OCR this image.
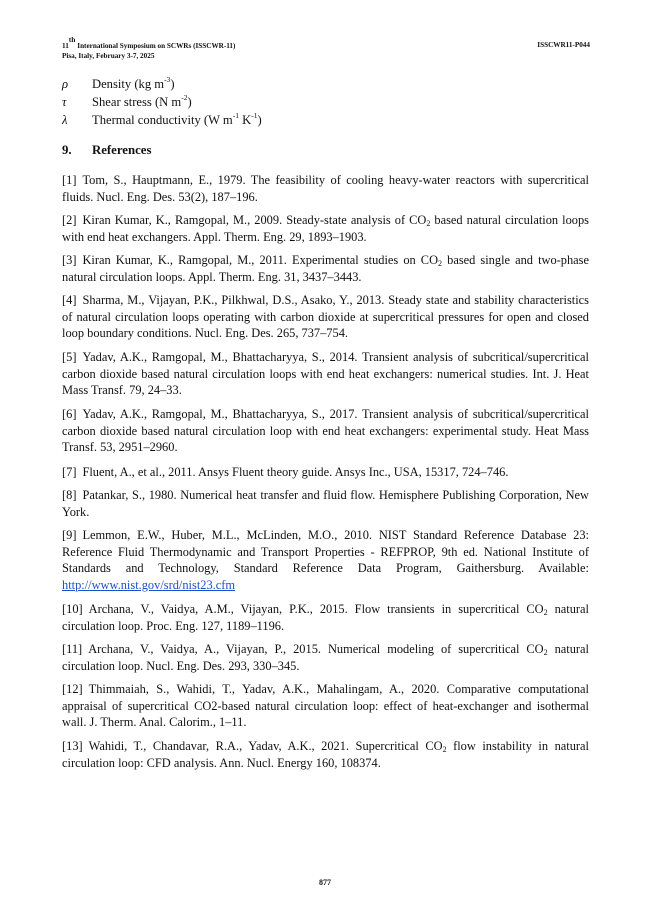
11th International Symposium on SCWRs (ISSCWR-11)
Pisa, Italy, February 3-7, 2025
ISSCWR11-P044
ρ Density (kg $m^{-3}$)
τ Shear stress (N $m^{-2}$)
λ Thermal conductivity (W $m^{-1}$ $K^{-1}$)
9. References
[1] Tom, S., Hauptmann, E., 1979. The feasibility of cooling heavy-water reactors with supercritical fluids. Nucl. Eng. Des. 53(2), 187–196.
[2] Kiran Kumar, K., Ramgopal, M., 2009. Steady-state analysis of $CO_2$ based natural circulation loops with end heat exchangers. Appl. Therm. Eng. 29, 1893–1903.
[3] Kiran Kumar, K., Ramgopal, M., 2011. Experimental studies on $CO_2$ based single and two-phase natural circulation loops. Appl. Therm. Eng. 31, 3437–3443.
[4] Sharma, M., Vijayan, P.K., Pilkhwal, D.S., Asako, Y., 2013. Steady state and stability characteristics of natural circulation loops operating with carbon dioxide at supercritical pressures for open and closed loop boundary conditions. Nucl. Eng. Des. 265, 737–754.
[5] Yadav, A.K., Ramgopal, M., Bhattacharyya, S., 2014. Transient analysis of subcritical/supercritical carbon dioxide based natural circulation loops with end heat exchangers: numerical studies. Int. J. Heat Mass Transf. 79, 24–33.
[6] Yadav, A.K., Ramgopal, M., Bhattacharyya, S., 2017. Transient analysis of subcritical/supercritical carbon dioxide based natural circulation loop with end heat exchangers: experimental study. Heat Mass Transf. 53, 2951–2960.
[7] Fluent, A., et al., 2011. Ansys Fluent theory guide. Ansys Inc., USA, 15317, 724–746.
[8] Patankar, S., 1980. Numerical heat transfer and fluid flow. Hemisphere Publishing Corporation, New York.
[9] Lemmon, E.W., Huber, M.L., McLinden, M.O., 2010. NIST Standard Reference Database 23: Reference Fluid Thermodynamic and Transport Properties - REFPROP, 9th ed. National Institute of Standards and Technology, Standard Reference Data Program, Gaithersburg. Available: http://www.nist.gov/srd/nist23.cfm
[10] Archana, V., Vaidya, A.M., Vijayan, P.K., 2015. Flow transients in supercritical $CO_2$ natural circulation loop. Proc. Eng. 127, 1189–1196.
[11] Archana, V., Vaidya, A., Vijayan, P., 2015. Numerical modeling of supercritical $CO_2$ natural circulation loop. Nucl. Eng. Des. 293, 330–345.
[12] Thimmaiah, S., Wahidi, T., Yadav, A.K., Mahalingam, A., 2020. Comparative computational appraisal of supercritical CO2-based natural circulation loop: effect of heat-exchanger and isothermal wall. J. Therm. Anal. Calorim., 1–11.
[13] Wahidi, T., Chandavar, R.A., Yadav, A.K., 2021. Supercritical $CO_2$ flow instability in natural circulation loop: CFD analysis. Ann. Nucl. Energy 160, 108374.
877
